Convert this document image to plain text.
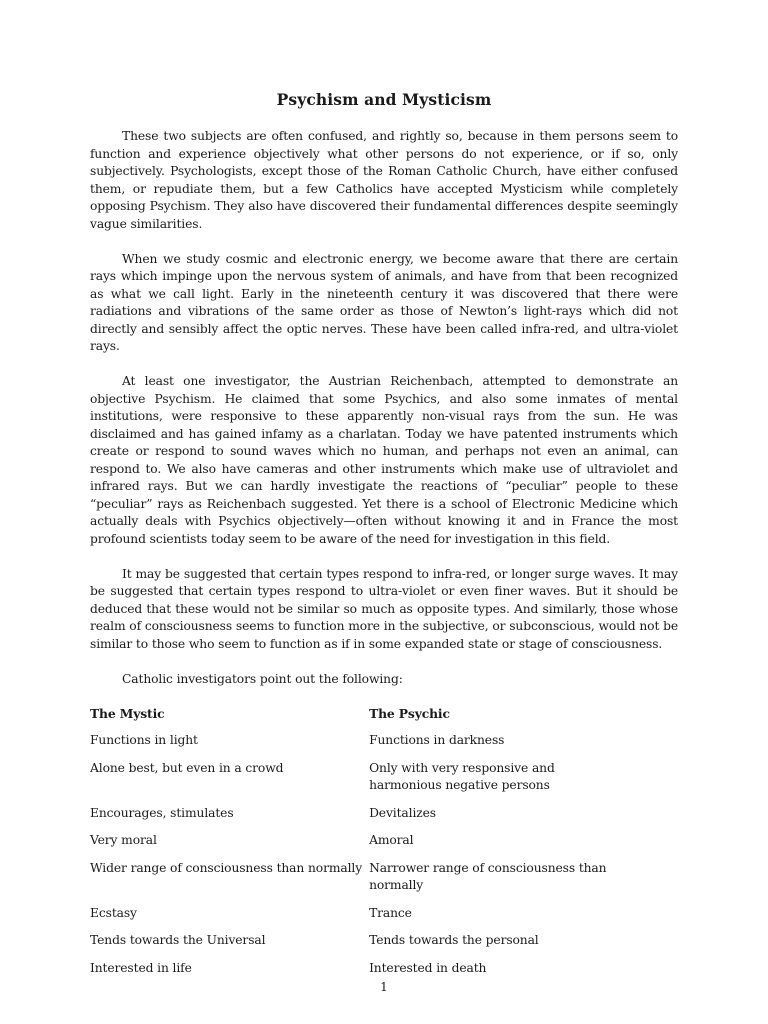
Psychism and Mysticism

These two subjects are often confused, and rightly so, because in them persons seem to function and experience objectively what other persons do not experience, or if so, only subjectively. Psychologists, except those of the Roman Catholic Church, have either confused them, or repudiate them, but a few Catholics have accepted Mysticism while completely opposing Psychism. They also have discovered their fundamental differences despite seemingly vague similarities.

When we study cosmic and electronic energy, we become aware that there are certain rays which impinge upon the nervous system of animals, and have from that been recognized as what we call light. Early in the nineteenth century it was discovered that there were radiations and vibrations of the same order as those of Newton’s light-rays which did not directly and sensibly affect the optic nerves. These have been called infra-red, and ultra-violet rays.

At least one investigator, the Austrian Reichenbach, attempted to demonstrate an objective Psychism. He claimed that some Psychics, and also some inmates of mental institutions, were responsive to these apparently non-visual rays from the sun. He was disclaimed and has gained infamy as a charlatan. Today we have patented instruments which create or respond to sound waves which no human, and perhaps not even an animal, can respond to. We also have cameras and other instruments which make use of ultraviolet and infrared rays. But we can hardly investigate the reactions of “peculiar” people to these “peculiar” rays as Reichenbach suggested. Yet there is a school of Electronic Medicine which actually deals with Psychics objectively—often without knowing it and in France the most profound scientists today seem to be aware of the need for investigation in this field.

It may be suggested that certain types respond to infra-red, or longer surge waves. It may be suggested that certain types respond to ultra-violet or even finer waves. But it should be deduced that these would not be similar so much as opposite types. And similarly, those whose realm of consciousness seems to function more in the subjective, or subconscious, would not be similar to those who seem to function as if in some expanded state or stage of consciousness.

Catholic investigators point out the following:

The Mystic	The Psychic
Functions in light	Functions in darkness
Alone best, but even in a crowd	Only with very responsive and harmonious negative persons
Encourages, stimulates	Devitalizes
Very moral	Amoral
Wider range of consciousness than normally	Narrower range of consciousness than normally
Ecstasy	Trance
Tends towards the Universal	Tends towards the personal
Interested in life	Interested in death
1
